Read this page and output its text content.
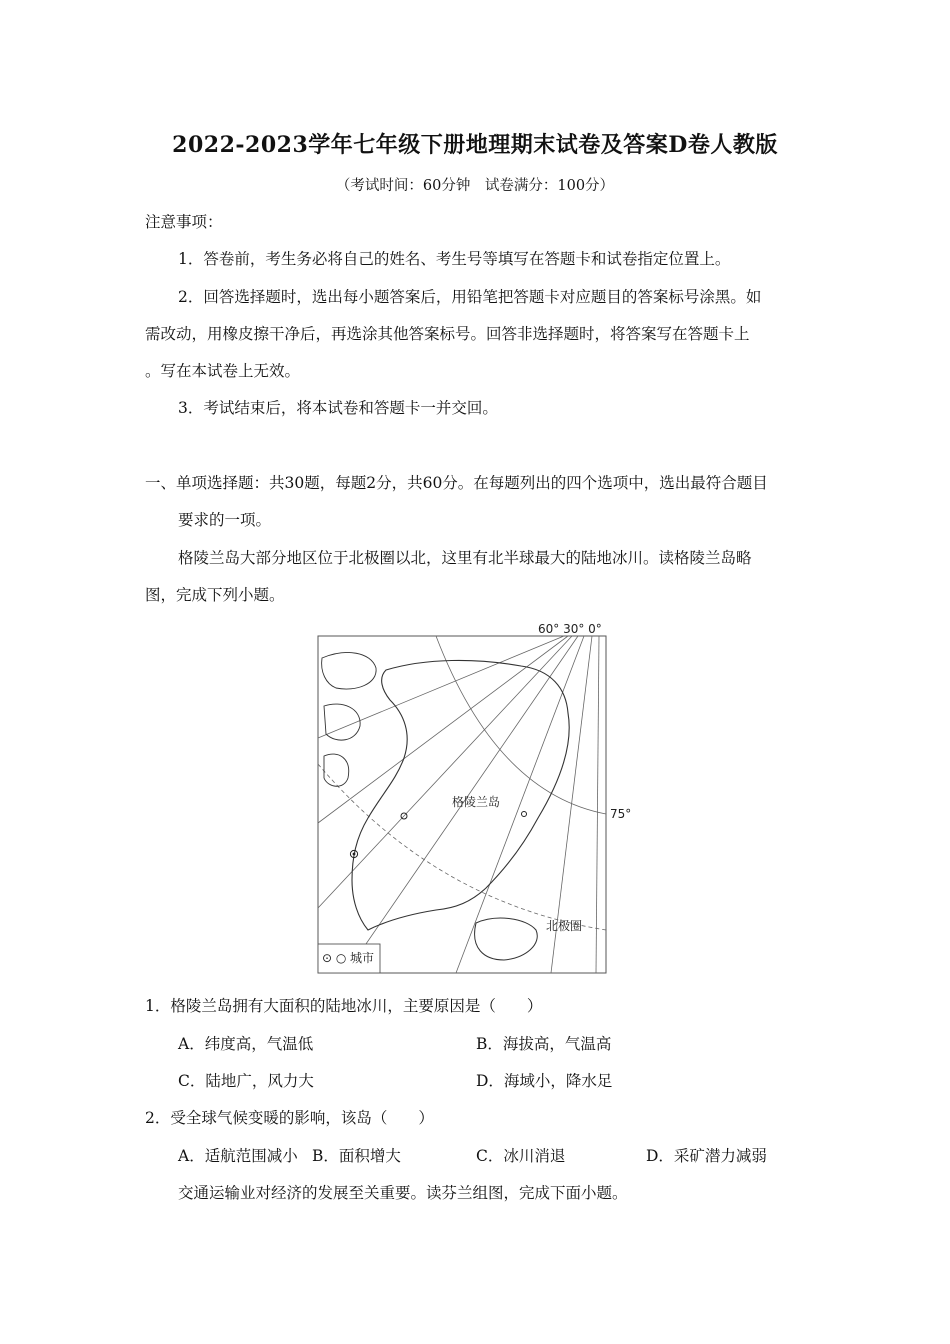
2022-2023学年七年级下册地理期末试卷及答案D卷人教版
（考试时间：60分钟　试卷满分：100分）
注意事项：
1．答卷前，考生务必将自己的姓名、考生号等填写在答题卡和试卷指定位置上。
2．回答选择题时，选出每小题答案后，用铅笔把答题卡对应题目的答案标号涂黑。如
需改动，用橡皮擦干净后，再选涂其他答案标号。回答非选择题时，将答案写在答题卡上
。写在本试卷上无效。
3．考试结束后，将本试卷和答题卡一并交回。
一、单项选择题：共30题，每题2分，共60分。在每题列出的四个选项中，选出最符合题目
要求的一项。
格陵兰岛大部分地区位于北极圈以北，这里有北半球最大的陆地冰川。读格陵兰岛略
图，完成下列小题。
60° 30° 0°
75°
格陵兰岛
北极圈
⊙ ○ 城市
1．格陵兰岛拥有大面积的陆地冰川，主要原因是（　　）
A．纬度高，气温低	B．海拔高，气温高
C．陆地广，风力大	D．海域小，降水足
2．受全球气候变暖的影响，该岛（　　）
A．适航范围减小 B．面积增大	C．冰川消退	D．采矿潜力减弱
交通运输业对经济的发展至关重要。读芬兰组图，完成下面小题。
